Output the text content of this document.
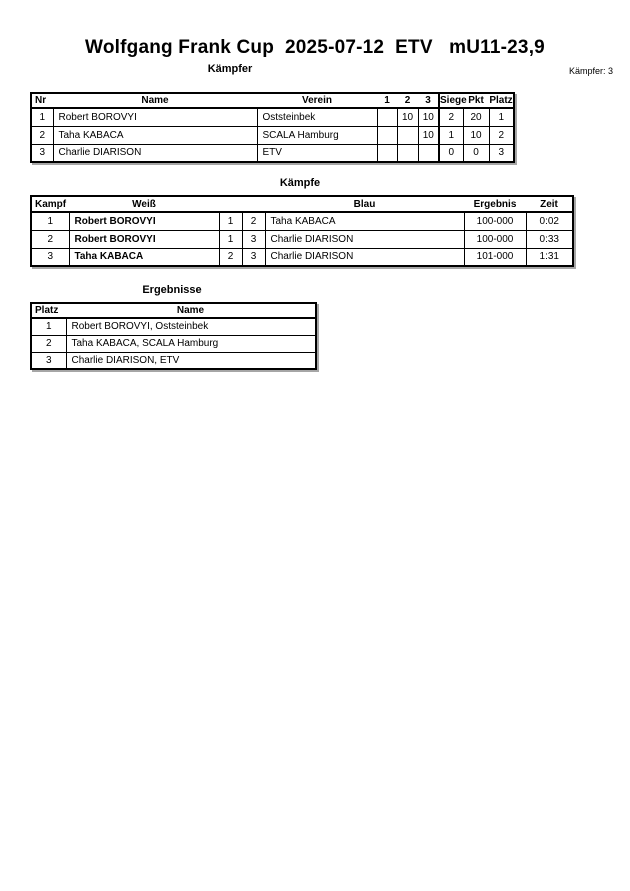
Wolfgang Frank Cup  2025-07-12  ETV   mU11-23,9
Kämpfer	Kämpfer: 3
Nr	Name	Verein	1	2	3	Siege	Pkt	Platz
1	Robert BOROVYI	Oststeinbek		10	10	2	20	1
2	Taha KABACA	SCALA Hamburg			10	1	10	2
3	Charlie DIARISON	ETV				0	0	3
Kämpfe
Kampf	Weiß			Blau	Ergebnis	Zeit
1	Robert BOROVYI	1	2	Taha KABACA	100-000	0:02
2	Robert BOROVYI	1	3	Charlie DIARISON	100-000	0:33
3	Taha KABACA	2	3	Charlie DIARISON	101-000	1:31
Ergebnisse
Platz	Name
1	Robert BOROVYI, Oststeinbek
2	Taha KABACA, SCALA Hamburg
3	Charlie DIARISON, ETV
